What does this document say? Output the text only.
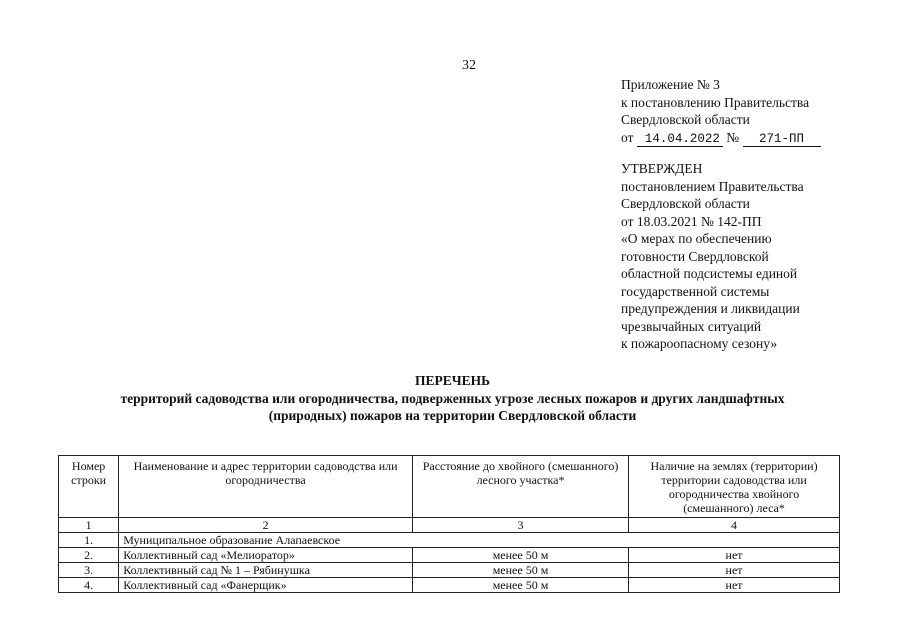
32
Приложение № 3
к постановлению Правительства
Свердловской области
от 14.04.2022 № 271-ПП
УТВЕРЖДЕН
постановлением Правительства
Свердловской области
от 18.03.2021 № 142-ПП
«О мерах по обеспечению
готовности Свердловской
областной подсистемы единой
государственной системы
предупреждения и ликвидации
чрезвычайных ситуаций
к пожароопасному сезону»
ПЕРЕЧЕНЬ
территорий садоводства или огородничества, подверженных угрозе лесных пожаров и других ландшафтных
(природных) пожаров на территории Свердловской области
Номер строки	Наименование и адрес территории садоводства или огородничества	Расстояние до хвойного (смешанного) лесного участка*	Наличие на землях (территории) территории садоводства или огородничества хвойного (смешанного) леса*
1	2	3	4
1.	Муниципальное образование Алапаевское		
2.	Коллективный сад «Мелиоратор»	менее 50 м	нет
3.	Коллективный сад № 1 – Рябинушка	менее 50 м	нет
4.	Коллективный сад «Фанерщик»	менее 50 м	нет
